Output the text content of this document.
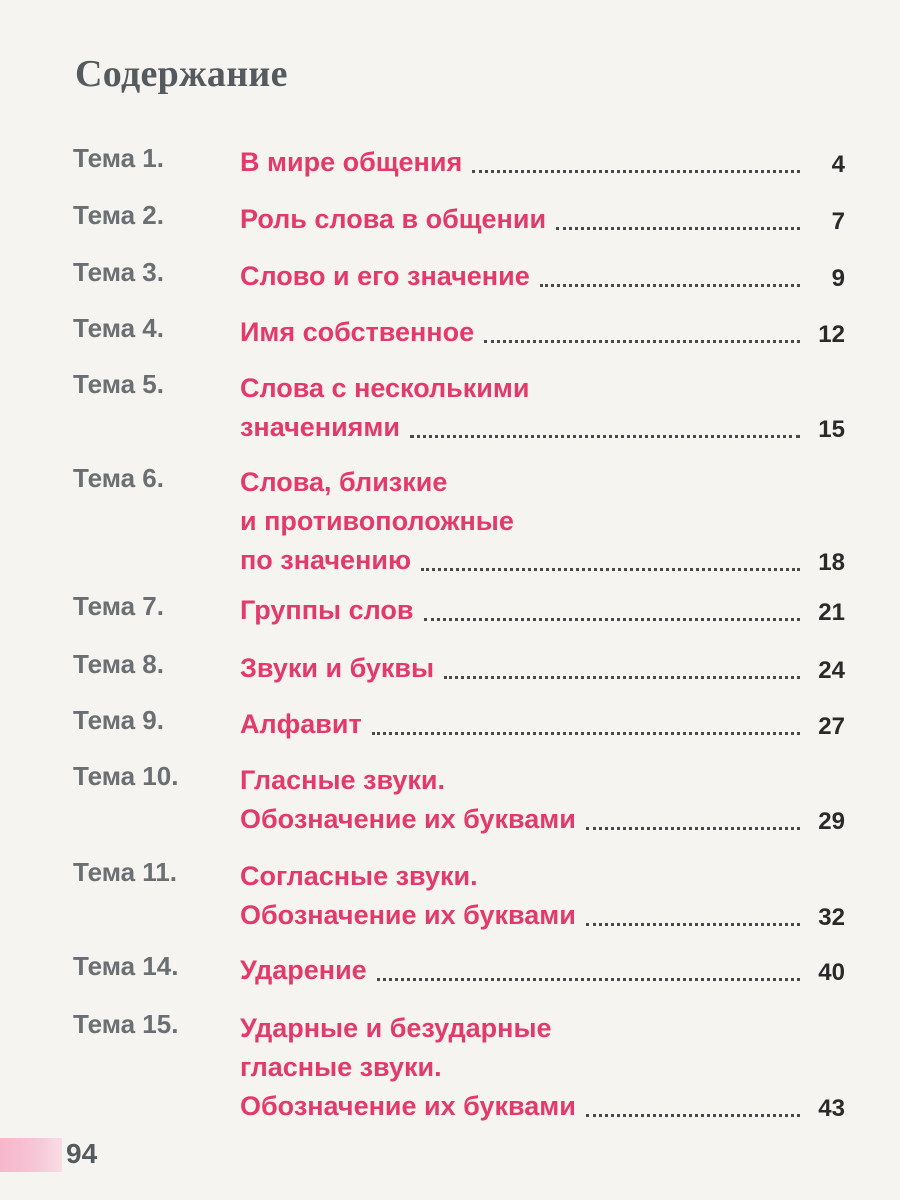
Содержание
Тема 1.	В мире общения	4
Тема 2.	Роль слова в общении	7
Тема 3.	Слово и его значение	9
Тема 4.	Имя собственное	12
Тема 5.	Слова с несколькими
значениями	15
Тема 6.	Слова, близкие
и противоположные
по значению	18
Тема 7.	Группы слов	21
Тема 8.	Звуки и буквы	24
Тема 9.	Алфавит	27
Тема 10. Гласные звуки.
Обозначение их буквами	29
Тема 11. Согласные звуки.
Обозначение их буквами	32
Тема 14. Ударение	40
Тема 15. Ударные и безударные
гласные звуки.
Обозначение их буквами	43
94
